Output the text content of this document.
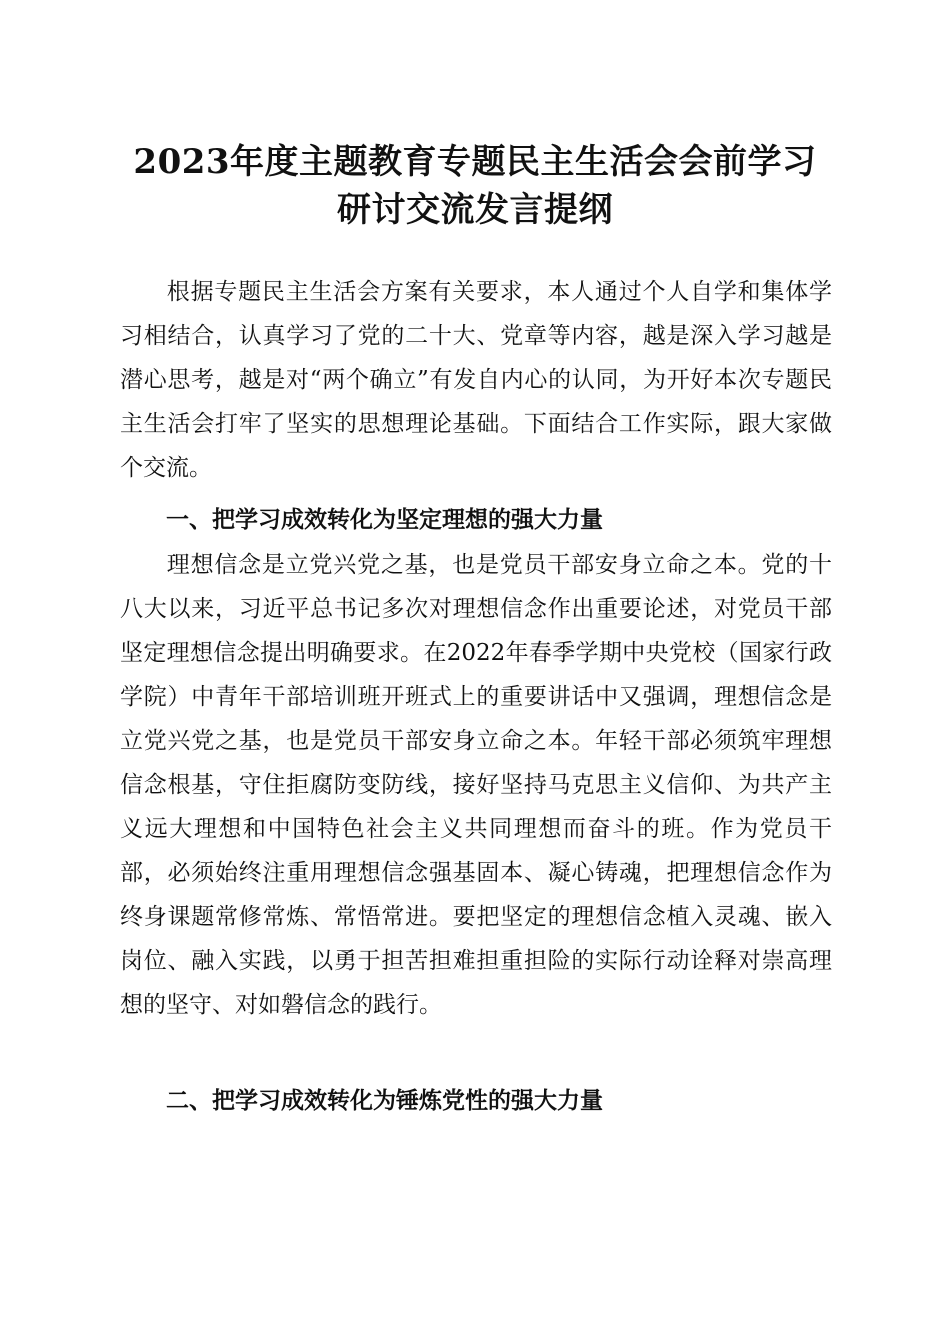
2023年度主题教育专题民主生活会会前学习
研讨交流发言提纲

根据专题民主生活会方案有关要求，本人通过个人自学和集体学习相结合，认真学习了党的二十大、党章等内容，越是深入学习越是潜心思考，越是对“两个确立”有发自内心的认同，为开好本次专题民主生活会打牢了坚实的思想理论基础。下面结合工作实际，跟大家做个交流。

一、把学习成效转化为坚定理想的强大力量

理想信念是立党兴党之基，也是党员干部安身立命之本。党的十八大以来，习近平总书记多次对理想信念作出重要论述，对党员干部坚定理想信念提出明确要求。在2022年春季学期中央党校（国家行政学院）中青年干部培训班开班式上的重要讲话中又强调，理想信念是立党兴党之基，也是党员干部安身立命之本。年轻干部必须筑牢理想信念根基，守住拒腐防变防线，接好坚持马克思主义信仰、为共产主义远大理想和中国特色社会主义共同理想而奋斗的班。作为党员干部，必须始终注重用理想信念强基固本、凝心铸魂，把理想信念作为终身课题常修常炼、常悟常进。要把坚定的理想信念植入灵魂、嵌入岗位、融入实践，以勇于担苦担难担重担险的实际行动诠释对崇高理想的坚守、对如磐信念的践行。

二、把学习成效转化为锤炼党性的强大力量
